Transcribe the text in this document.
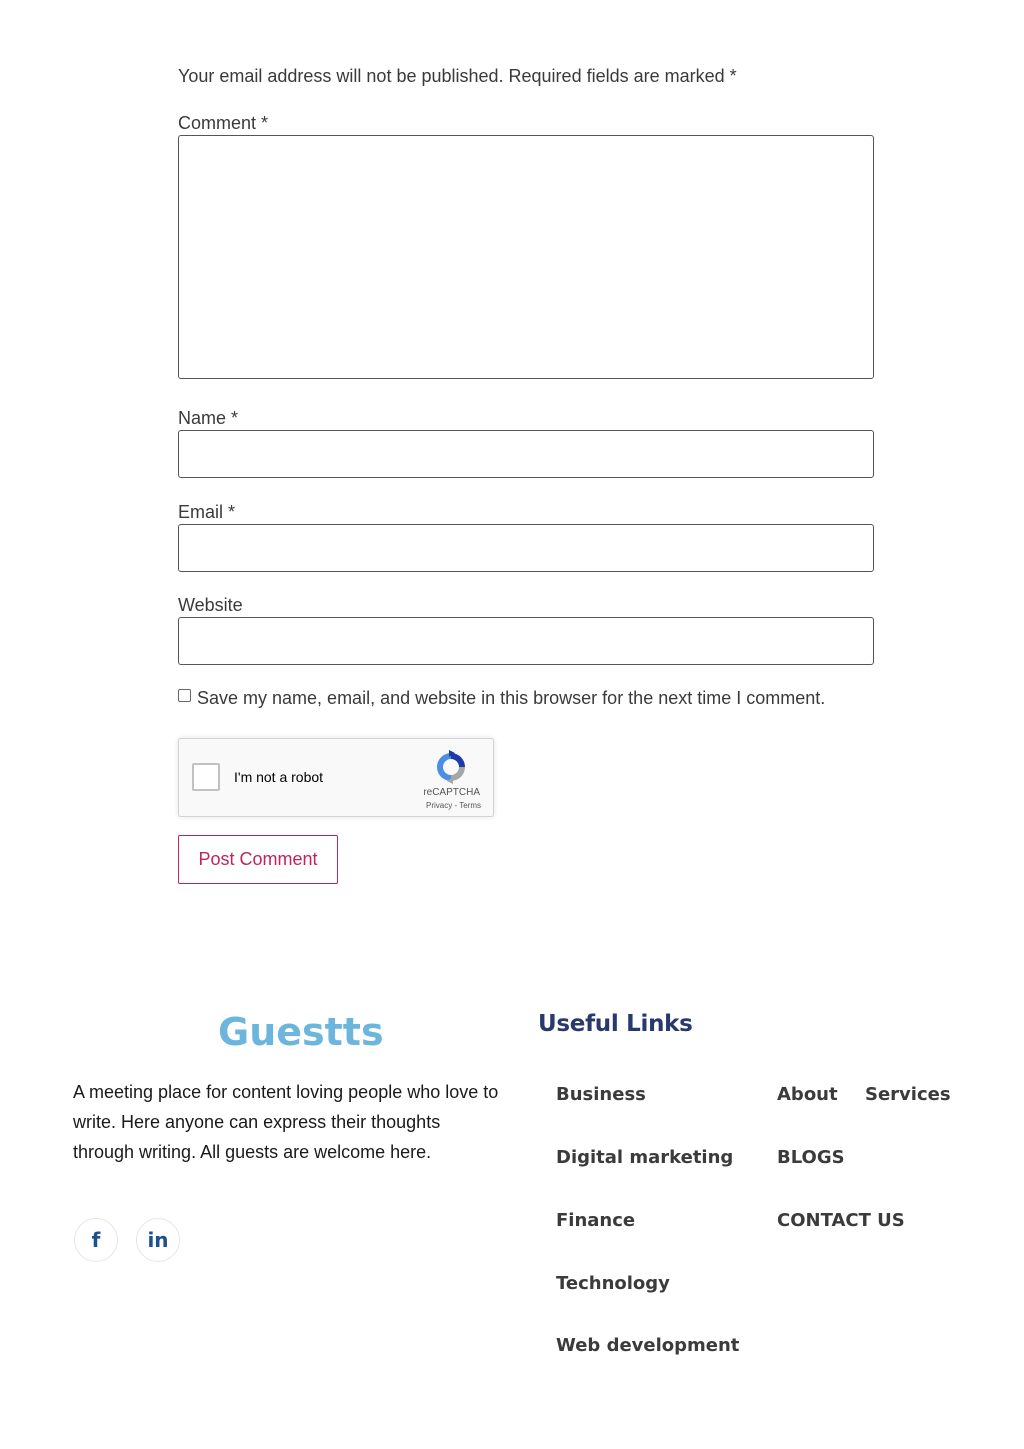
Your email address will not be published. Required fields are marked *
Comment *
Name *
Email *
Website
Save my name, email, and website in this browser for the next time I comment.
I'm not a robot
reCAPTCHA
Privacy - Terms
Post Comment
Guestts
A meeting place for content loving people who love to write. Here anyone can express their thoughts through writing. All guests are welcome here.
f in
Useful Links
Business
Digital marketing
Finance
Technology
Web development
About
BLOGS
CONTACT US
Services
